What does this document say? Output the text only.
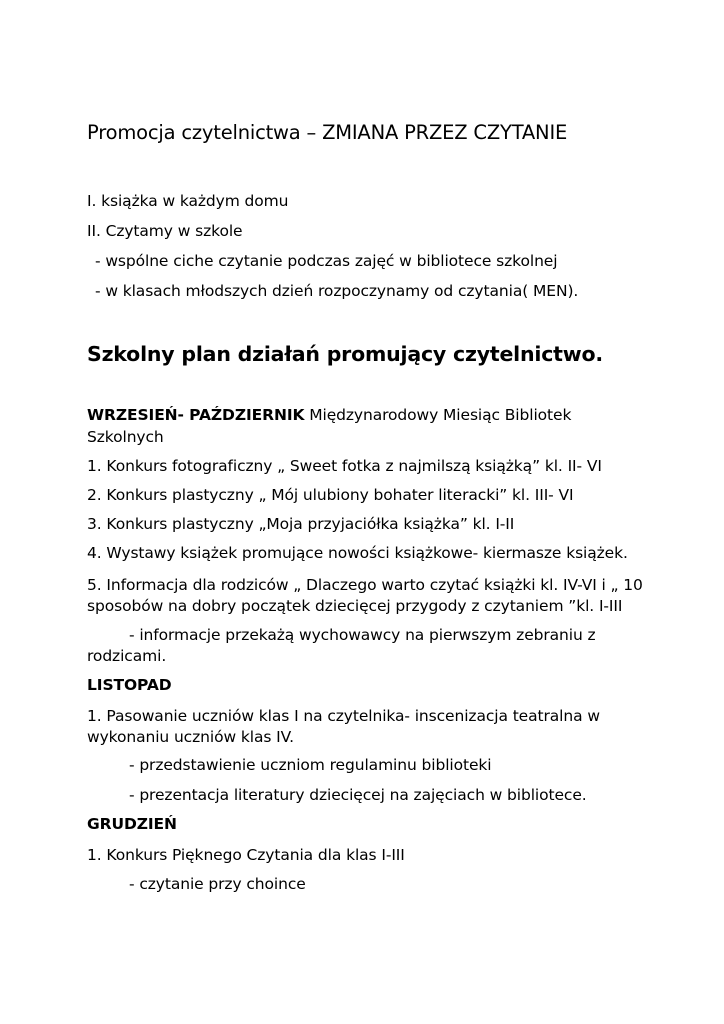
Promocja czytelnictwa – ZMIANA PRZEZ CZYTANIE
I. książka w każdym domu
II. Czytamy w szkole
- wspólne ciche czytanie podczas zajęć w bibliotece szkolnej
- w klasach młodszych dzień rozpoczynamy od czytania( MEN).
Szkolny plan działań promujący czytelnictwo.
WRZESIEŃ- PAŹDZIERNIK Międzynarodowy Miesiąc Bibliotek
Szkolnych
1. Konkurs fotograficzny „ Sweet fotka z najmilszą książką” kl. II- VI
2. Konkurs plastyczny „ Mój ulubiony bohater literacki” kl. III- VI
3. Konkurs plastyczny „Moja przyjaciółka książka” kl. I-II
4. Wystawy książek promujące nowości książkowe- kiermasze książek.
5. Informacja dla rodziców „ Dlaczego warto czytać książki kl. IV-VI i „ 10
sposobów na dobry początek dziecięcej przygody z czytaniem ”kl. I-III
- informacje przekażą wychowawcy na pierwszym zebraniu z
rodzicami.
LISTOPAD
1. Pasowanie uczniów klas I na czytelnika- inscenizacja teatralna w
wykonaniu uczniów klas IV.
- przedstawienie uczniom regulaminu biblioteki
- prezentacja literatury dziecięcej na zajęciach w bibliotece.
GRUDZIEŃ
1. Konkurs Pięknego Czytania dla klas I-III
- czytanie przy choince
